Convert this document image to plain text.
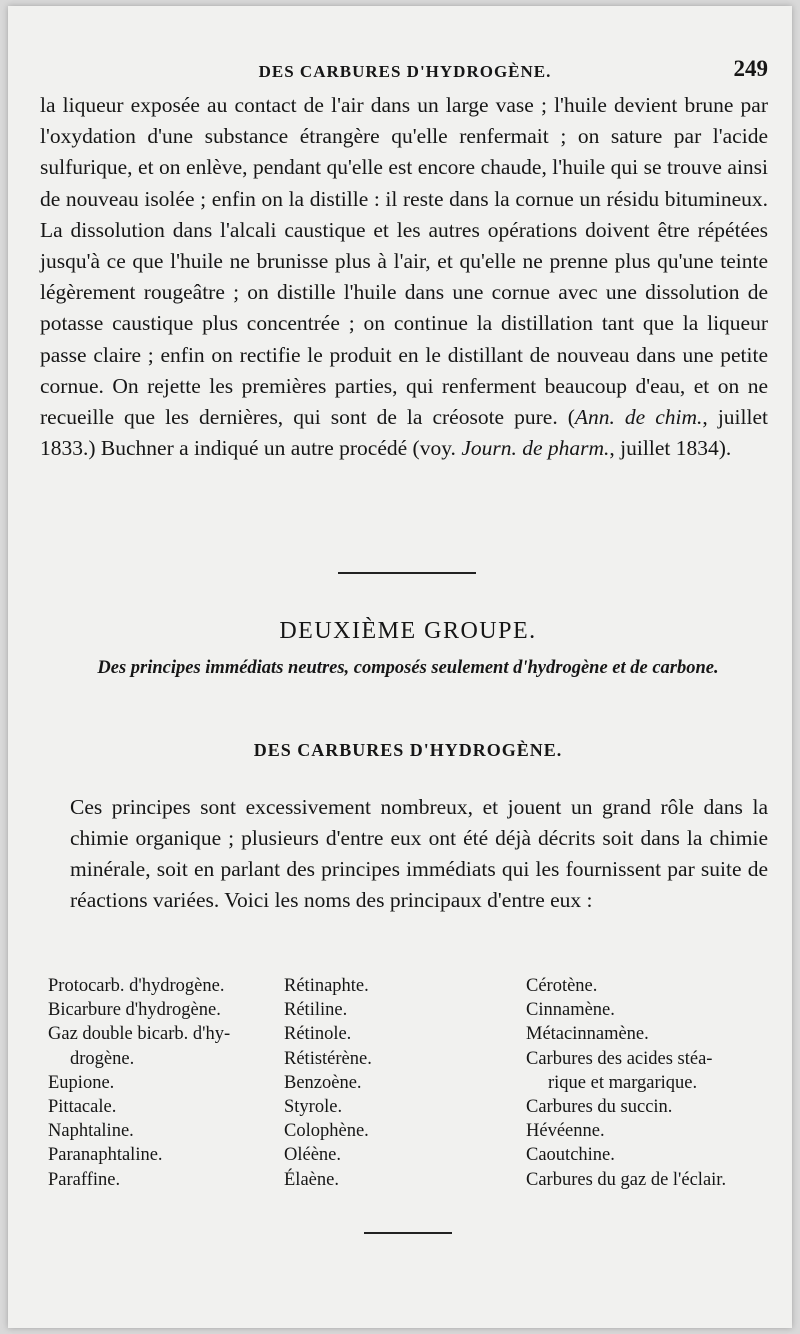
DES CARBURES D'HYDROGÈNE.	249

la liqueur exposée au contact de l'air dans un large vase ; l'huile devient brune par l'oxydation d'une substance étrangère qu'elle renfermait ; on sature par l'acide sulfurique, et on enlève, pendant qu'elle est encore chaude, l'huile qui se trouve ainsi de nouveau isolée ; enfin on la distille : il reste dans la cornue un résidu bitumineux. La dissolution dans l'alcali caustique et les autres opérations doivent être répétées jusqu'à ce que l'huile ne brunisse plus à l'air, et qu'elle ne prenne plus qu'une teinte légèrement rougeâtre ; on distille l'huile dans une cornue avec une dissolution de potasse caustique plus concentrée ; on continue la distillation tant que la liqueur passe claire ; enfin on rectifie le produit en le distillant de nouveau dans une petite cornue. On rejette les premières parties, qui renferment beaucoup d'eau, et on ne recueille que les dernières, qui sont de la créosote pure. (Ann. de chim., juillet 1833.) Buchner a indiqué un autre procédé (voy. Journ. de pharm., juillet 1834).

DEUXIÈME GROUPE.
Des principes immédiats neutres, composés seulement d'hydrogène et de carbone.
DES CARBURES D'HYDROGÈNE.

Ces principes sont excessivement nombreux, et jouent un grand rôle dans la chimie organique ; plusieurs d'entre eux ont été déjà décrits soit dans la chimie minérale, soit en parlant des principes immédiats qui les fournissent par suite de réactions variées. Voici les noms des principaux d'entre eux :

Protocarb. d'hydrogène.
Bicarbure d'hydrogène.
Gaz double bicarb. d'hy-
drogène.
Eupione.
Pittacale.
Naphtaline.
Paranaphtaline.
Paraffine.
Rétinaphte.
Rétiline.
Rétinole.
Rétistérène.
Benzoène.
Styrole.
Colophène.
Oléène.
Élaène.
Cérotène.
Cinnamène.
Métacinnamène.
Carbures des acides stéa-
rique et margarique.
Carbures du succin.
Hévéenne.
Caoutchine.
Carbures du gaz de l'éclair.
